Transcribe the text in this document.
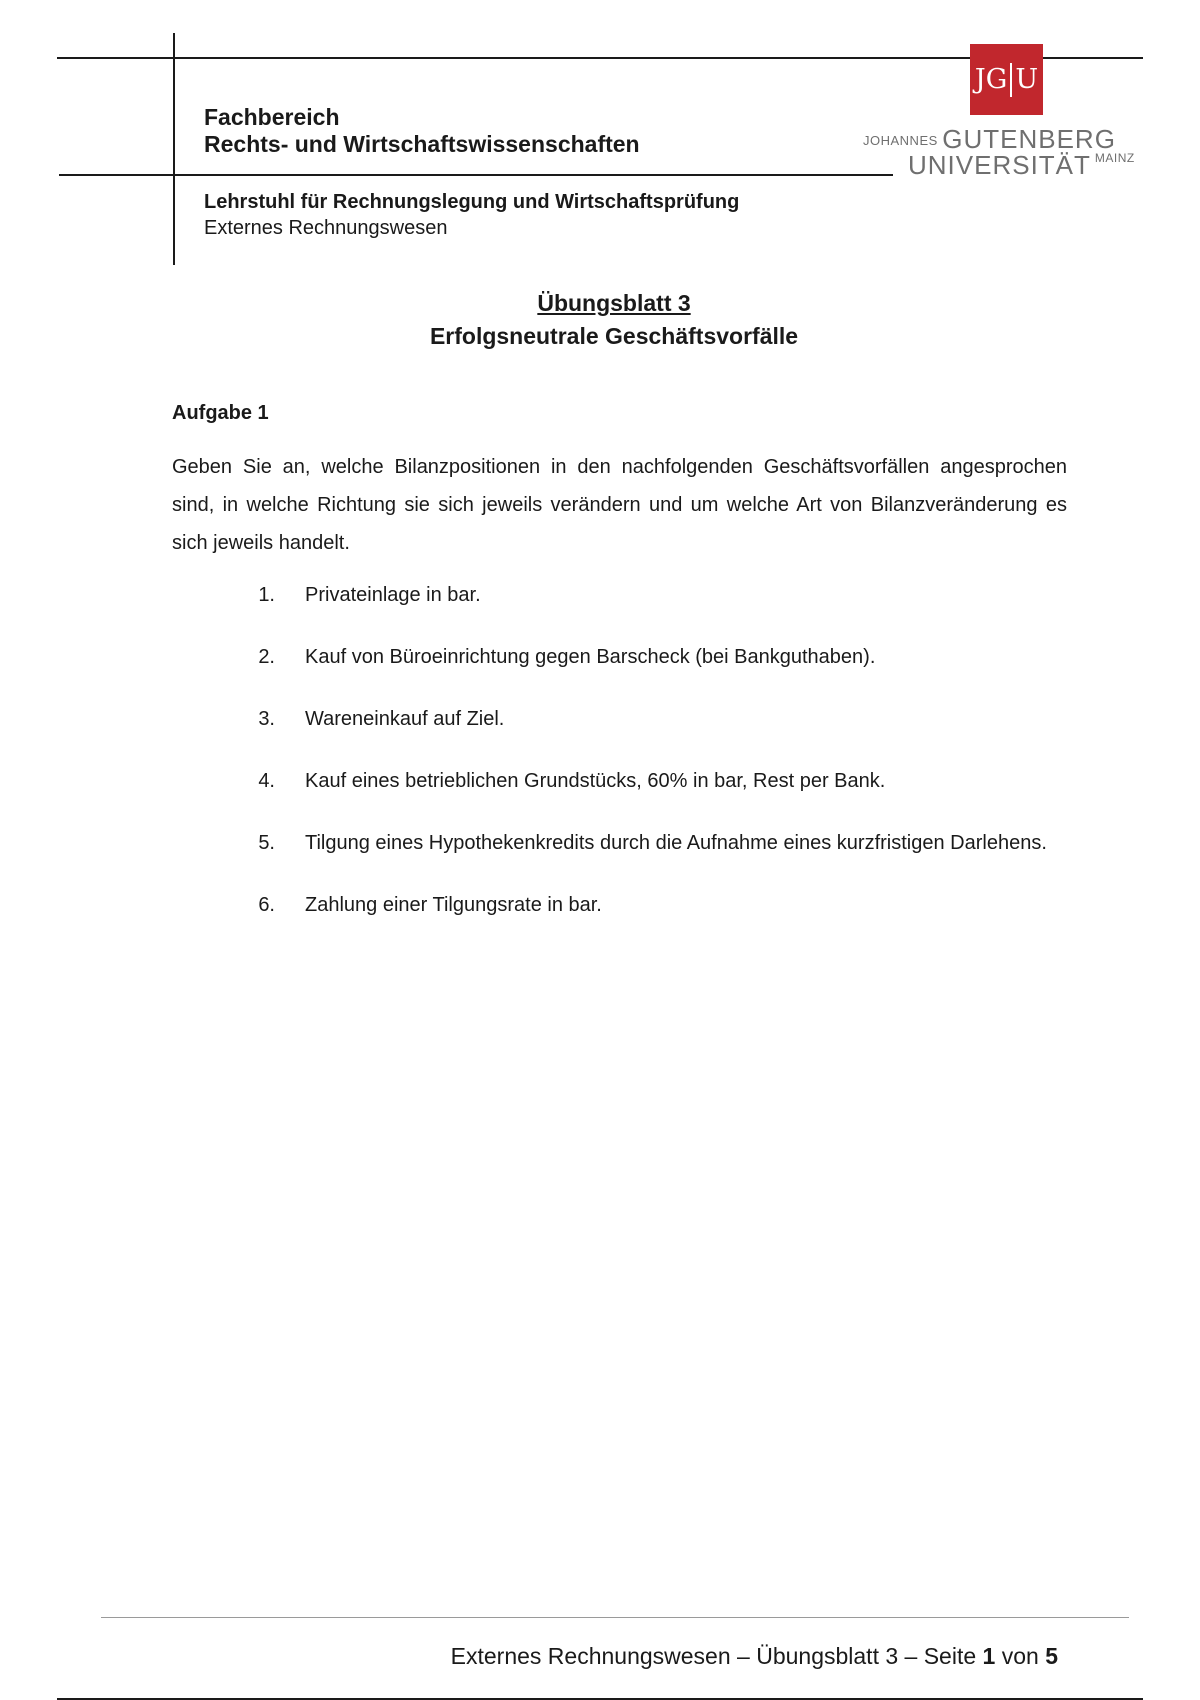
Fachbereich
Rechts- und Wirtschaftswissenschaften
Lehrstuhl für Rechnungslegung und Wirtschaftsprüfung
Externes Rechnungswesen
JG U
JOHANNES GUTENBERG
UNIVERSITÄT $^{MAINZ}$
Übungsblatt 3
Erfolgsneutrale Geschäftsvorfälle
Aufgabe 1
Geben Sie an, welche Bilanzpositionen in den nachfolgenden Geschäftsvorfällen angesprochen sind, in welche Richtung sie sich jeweils verändern und um welche Art von Bilanzveränderung es sich jeweils handelt.
1.	Privateinlage in bar.
2.	Kauf von Büroeinrichtung gegen Barscheck (bei Bankguthaben).
3.	Wareneinkauf auf Ziel.
4.	Kauf eines betrieblichen Grundstücks, 60% in bar, Rest per Bank.
5.	Tilgung eines Hypothekenkredits durch die Aufnahme eines kurzfristigen Darlehens.
6.	Zahlung einer Tilgungsrate in bar.
Externes Rechnungswesen – Übungsblatt 3 – Seite 1 von 5
